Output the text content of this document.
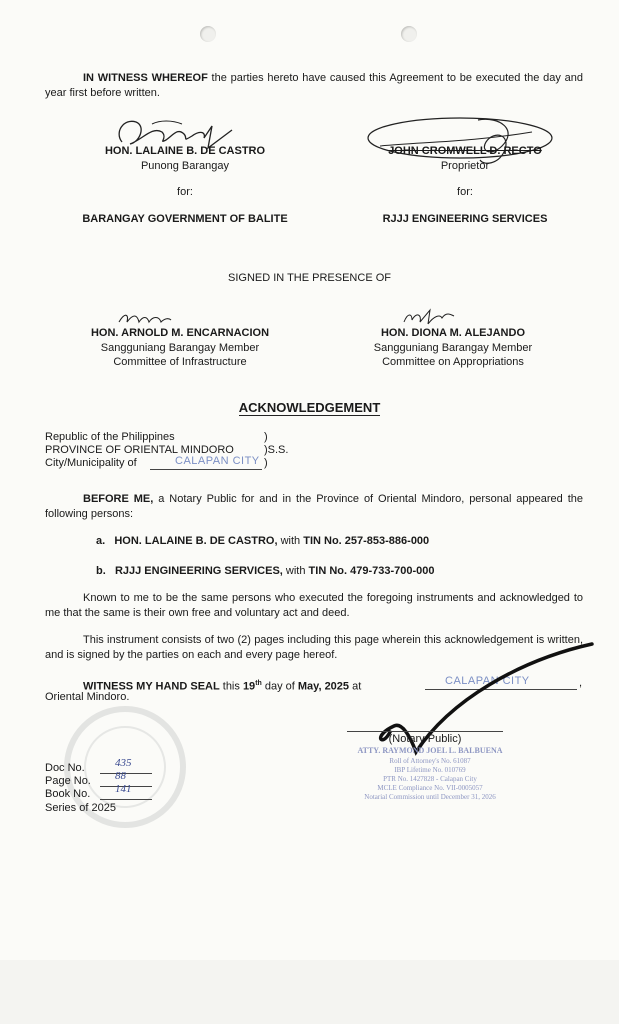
IN WITNESS WHEREOF the parties hereto have caused this Agreement to be executed the day and year first before written.
HON. LALAINE B. DE CASTRO
Punong Barangay
for:
BARANGAY GOVERNMENT OF BALITE
JOHN CROMWELL D. RECTO
Proprietor
for:
RJJJ ENGINEERING SERVICES
SIGNED IN THE PRESENCE OF
HON. ARNOLD M. ENCARNACION
Sangguniang Barangay Member
Committee of Infrastructure
HON. DIONA M. ALEJANDO
Sangguniang Barangay Member
Committee on Appropriations
ACKNOWLEDGEMENT
Republic of the Philippines	)
PROVINCE OF ORIENTAL MINDORO	)S.S.
City/Municipality of	CALAPAN CITY )
BEFORE ME, a Notary Public for and in the Province of Oriental Mindoro, personal appeared the following persons:
a. HON. LALAINE B. DE CASTRO, with TIN No. 257-853-886-000
b. RJJJ ENGINEERING SERVICES, with TIN No. 479-733-700-000
Known to me to be the same persons who executed the foregoing instruments and acknowledged to me that the same is their own free and voluntary act and deed.
This instrument consists of two (2) pages including this page wherein this acknowledgement is written, and is signed by the parties on each and every page hereof.
WITNESS MY HAND SEAL this 19th day of May, 2025 at	CALAPAN CITY	,
Oriental Mindoro.
(Notary Public)
ATTY. RAYMOND JOEL L. BALBUENA
Roll of Attorney's No. 61087
IBP Lifetime No. 010769
PTR No. 1427828 - Calapan City
MCLE Compliance No. VII-0005057
Notarial Commission until December 31, 2026
Doc No.	435
Page No. 88
Book No. 141
Series of 2025
